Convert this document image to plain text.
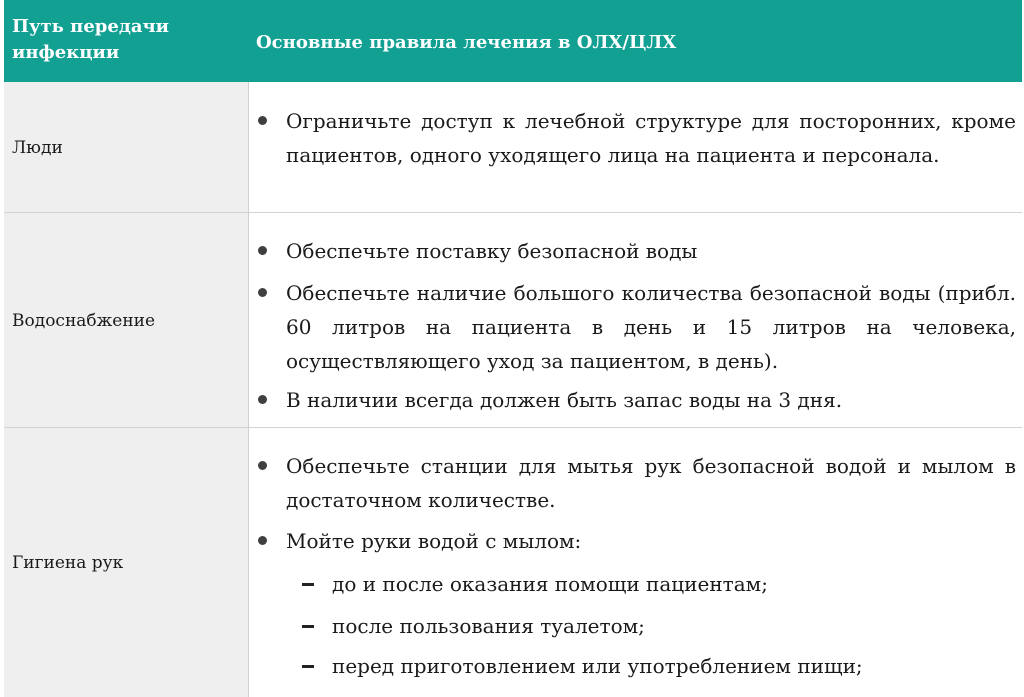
Путь передачи инфекции	Основные правила лечения в ОЛХ/ЦЛХ
Люди
Ограничьте доступ к лечебной структуре для посторонних, кроме пациентов, одного уходящего лица на пациента и персонала.
Водоснабжение
Обеспечьте поставку безопасной воды
Обеспечьте наличие большого количества безопасной воды (прибл. 60 литров на пациента в день и 15 литров на человека, осуществляющего уход за пациентом, в день).
В наличии всегда должен быть запас воды на 3 дня.
Гигиена рук
Обеспечьте станции для мытья рук безопасной водой и мылом в достаточном количестве.
Мойте руки водой с мылом:
до и после оказания помощи пациентам;
после пользования туалетом;
перед приготовлением или употреблением пищи;
